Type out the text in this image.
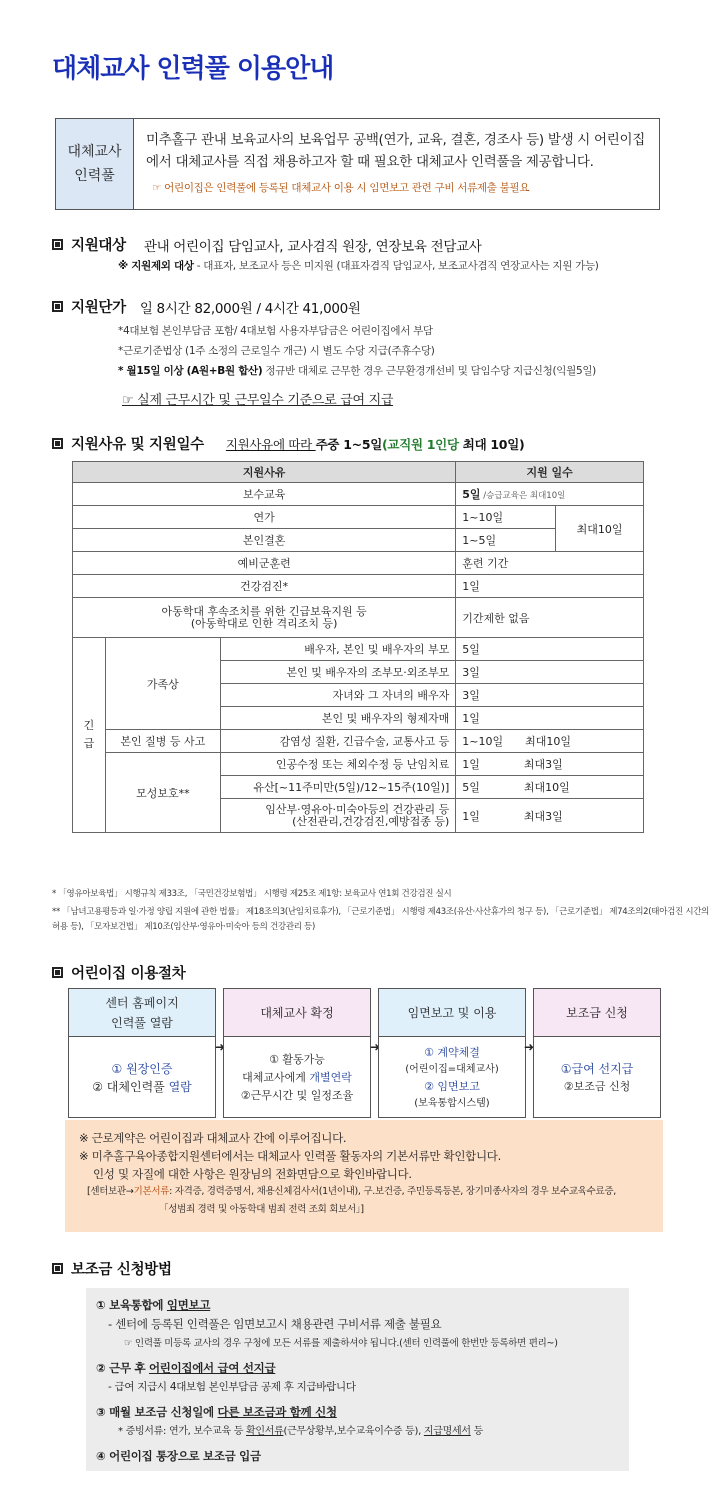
대체교사 인력풀 이용안내
대체교사
인력풀
미추홀구 관내 보육교사의 보육업무 공백(연가, 교육, 결혼, 경조사 등) 발생 시 어린이집에서 대체교사를 직접 채용하고자 할 때 필요한 대체교사 인력풀을 제공합니다.
☞ 어린이집은 인력풀에 등록된 대체교사 이용 시 임면보고 관련 구비 서류제출 불필요
지원대상 관내 어린이집 담임교사, 교사겸직 원장, 연장보육 전담교사
※ 지원제외 대상 - 대표자, 보조교사 등은 미지원 (대표자겸직 담임교사, 보조교사겸직 연장교사는 지원 가능)
지원단가 일 8시간 82,000원 / 4시간 41,000원
*4대보험 본인부담금 포함/ 4대보험 사용자부담금은 어린이집에서 부담
*근로기준법상 (1주 소정의 근로일수 개근) 시 별도 수당 지급(주휴수당)
* 월15일 이상 (A원+B원 합산) 정규반 대체로 근무한 경우 근무환경개선비 및 담임수당 지급신청(익월5일)
☞ 실제 근무시간 및 근무일수 기준으로 급여 지급
지원사유 및 지원일수 지원사유에 따라 주중 1~5일(교직원 1인당 최대 10일)
지원사유			지원 일수	
보수교육			5일 /승급교육은 최대10일	
연가			1~10일	최대10일
본인결혼			1~5일	
예비군훈련			훈련 기간	
건강검진*			1일	
아동학대 후속조치를 위한 긴급보육지원 등
(아동학대로 인한 격리조치 등)			기간제한 없음	
긴급	가족상	배우자, 본인 및 배우자의 부모	5일	
		본인 및 배우자의 조부모·외조부모	3일	
		자녀와 그 자녀의 배우자	3일	
		본인 및 배우자의 형제자매	1일	
	본인 질병 등 사고	감염성 질환, 긴급수술, 교통사고 등	1~10일 최대10일	
	모성보호**	인공수정 또는 체외수정 등 난임치료	1일 최대3일	
		유산[~11주미만(5일)/12~15주(10일)]	5일 최대10일	
		임산부·영유아·미숙아등의 건강관리 등
(산전관리,건강검진,예방접종 등)	1일 최대3일	
* 「영유아보육법」 시행규칙 제33조, 「국민건강보험법」 시행령 제25조 제1항: 보육교사 연1회 건강검진 실시
** 「남녀고용평등과 일·가정 양립 지원에 관한 법률」 제18조의3(난임치료휴가), 「근로기준법」 시행령 제43조(유산·사산휴가의 청구 등), 「근로기준법」 제74조의2(태아검진 시간의
허용 등), 「모자보건법」 제10조(임산부·영유아·미숙아 등의 건강관리 등)
어린이집 이용절차
센터 홈페이지
인력풀 열람
① 원장인증
② 대체인력풀 열람
➜
대체교사 확정
① 활동가능
대체교사에게 개별연락
②근무시간 및 일정조율
➜
임면보고 및 이용
① 계약체결
(어린이집=대체교사)
② 임면보고
(보육통합시스템)
➜
보조금 신청
①급여 선지급
②보조금 신청
※ 근로계약은 어린이집과 대체교사 간에 이루어집니다.
※ 미추홀구육아종합지원센터에서는 대체교사 인력풀 활동자의 기본서류만 확인합니다.
인성 및 자질에 대한 사항은 원장님의 전화면담으로 확인바랍니다.
[센터보관→기본서류: 자격증, 경력증명서, 채용신체검사서(1년이내), 구.보건증, 주민등록등본, 장기미종사자의 경우 보수교육수료증,
「성범죄 경력 및 아동학대 범죄 전력 조회 회보서」]
보조금 신청방법
① 보육통합에 임면보고
- 센터에 등록된 인력풀은 임면보고시 채용관련 구비서류 제출 불필요
☞ 인력풀 미등록 교사의 경우 구청에 모든 서류를 제출하셔야 됩니다.(센터 인력풀에 한번만 등록하면 편리~)
② 근무 후 어린이집에서 급여 선지급
- 급여 지급시 4대보험 본인부담금 공제 후 지급바랍니다
③ 매월 보조금 신청일에 다른 보조금과 함께 신청
* 증빙서류: 연가, 보수교육 등 확인서류(근무상황부,보수교육이수증 등), 지급명세서 등
④ 어린이집 통장으로 보조금 입금
